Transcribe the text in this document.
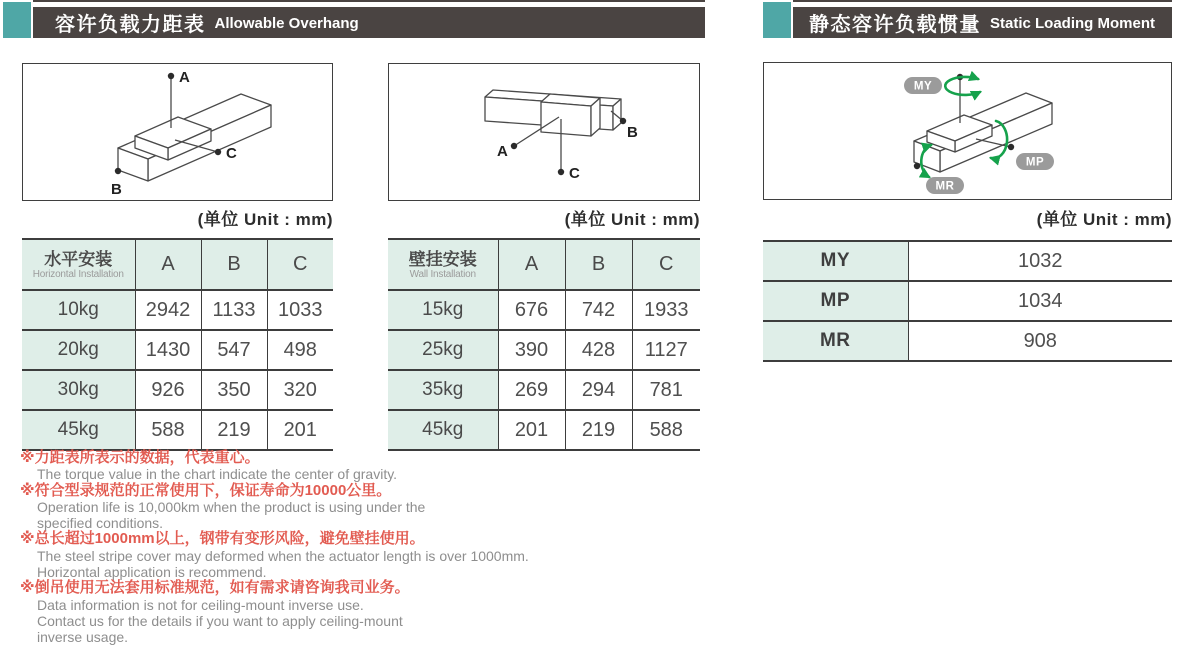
容许负载力距表 Allowable Overhang	静态容许负载惯量 Static Loading Moment
A
B
C
(单位 Unit : mm)
B
A
C
(单位 Unit : mm)
MY
MP
MR
(单位 Unit : mm)
水平安装
Horizontal Installation	A	B	C
10kg	2942	1133	1033
20kg	1430	547	498
30kg	926	350	320
45kg	588	219	201
壁挂安装
Wall Installation	A	B	C
15kg	676	742	1933
25kg	390	428	1127
35kg	269	294	781
45kg	201	219	588
MY	1032
MP	1034
MR	908
※力距表所表示的数据，代表重心。
The torque value in the chart indicate the center of gravity.
※符合型录规范的正常使用下，保证寿命为10000公里。
Operation life is 10,000km when the product is using under the
specified conditions.
※总长超过1000mm以上，钢带有变形风险，避免壁挂使用。
The steel stripe cover may deformed when the actuator length is over 1000mm.
Horizontal application is recommend.
※倒吊使用无法套用标准规范，如有需求请咨询我司业务。
Data information is not for ceiling-mount inverse use.
Contact us for the details if you want to apply ceiling-mount
inverse usage.
